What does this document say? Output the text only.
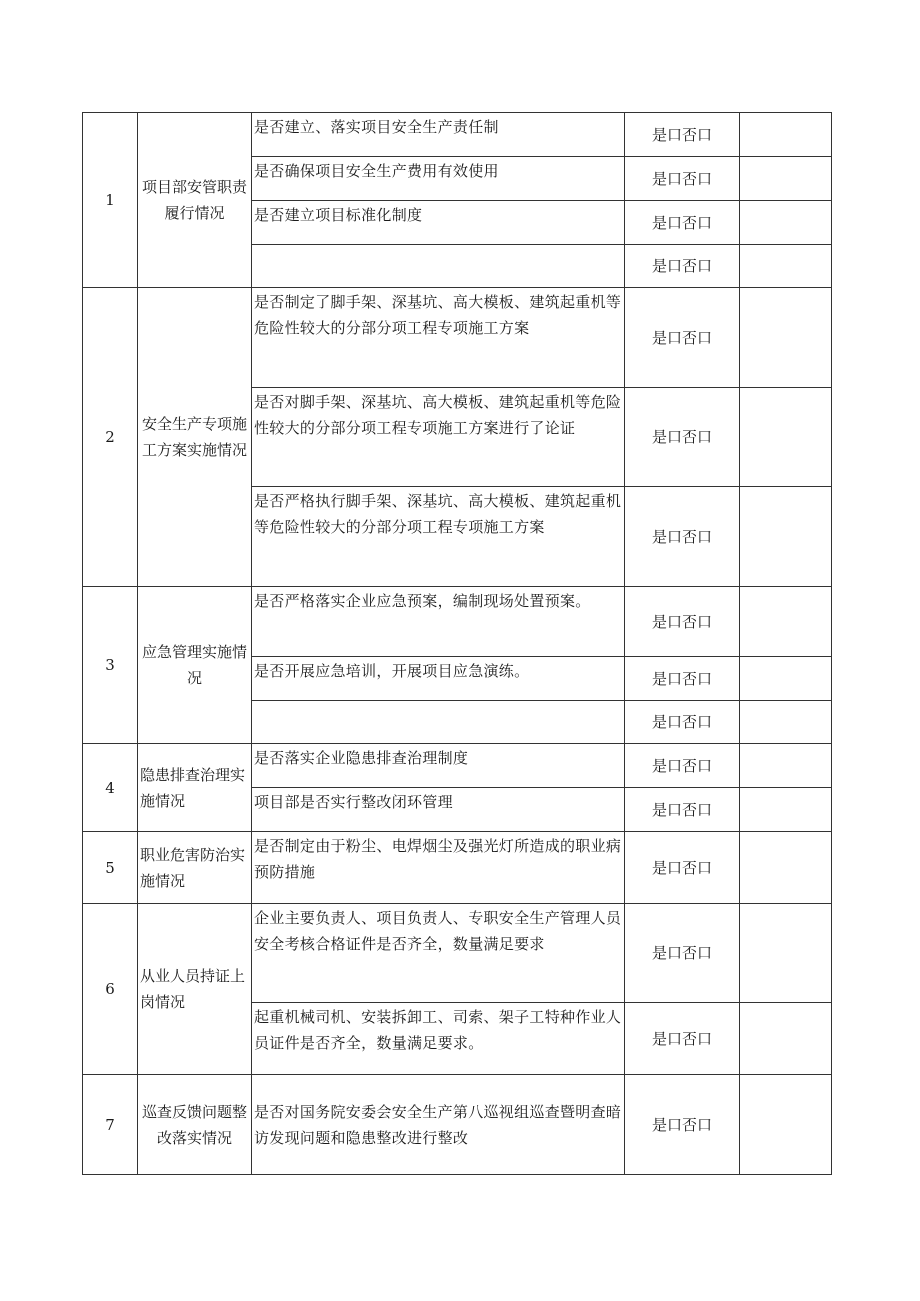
1	项目部安管职责履行情况	是否建立、落实项目安全生产责任制	是口否口	
		是否确保项目安全生产费用有效使用	是口否口	
		是否建立项目标准化制度	是口否口	
			是口否口	
2	安全生产专项施工方案实施情况	是否制定了脚手架、深基坑、高大模板、建筑起重机等危险性较大的分部分项工程专项施工方案	是口否口	
		是否对脚手架、深基坑、高大模板、建筑起重机等危险性较大的分部分项工程专项施工方案进行了论证	是口否口	
		是否严格执行脚手架、深基坑、高大模板、建筑起重机等危险性较大的分部分项工程专项施工方案	是口否口	
3	应急管理实施情况	是否严格落实企业应急预案，编制现场处置预案。	是口否口	
		是否开展应急培训，开展项目应急演练。	是口否口	
			是口否口	
4	隐患排查治理实施情况	是否落实企业隐患排查治理制度	是口否口	
		项目部是否实行整改闭环管理	是口否口	
5	职业危害防治实施情况	是否制定由于粉尘、电焊烟尘及强光灯所造成的职业病预防措施	是口否口	
6	从业人员持证上岗情况	企业主要负责人、项目负责人、专职安全生产管理人员安全考核合格证件是否齐全，数量满足要求	是口否口	
		起重机械司机、安装拆卸工、司索、架子工特种作业人员证件是否齐全，数量满足要求。	是口否口	
7	巡查反馈问题整改落实情况	是否对国务院安委会安全生产第八巡视组巡查暨明查暗访发现问题和隐患整改进行整改	是口否口	
